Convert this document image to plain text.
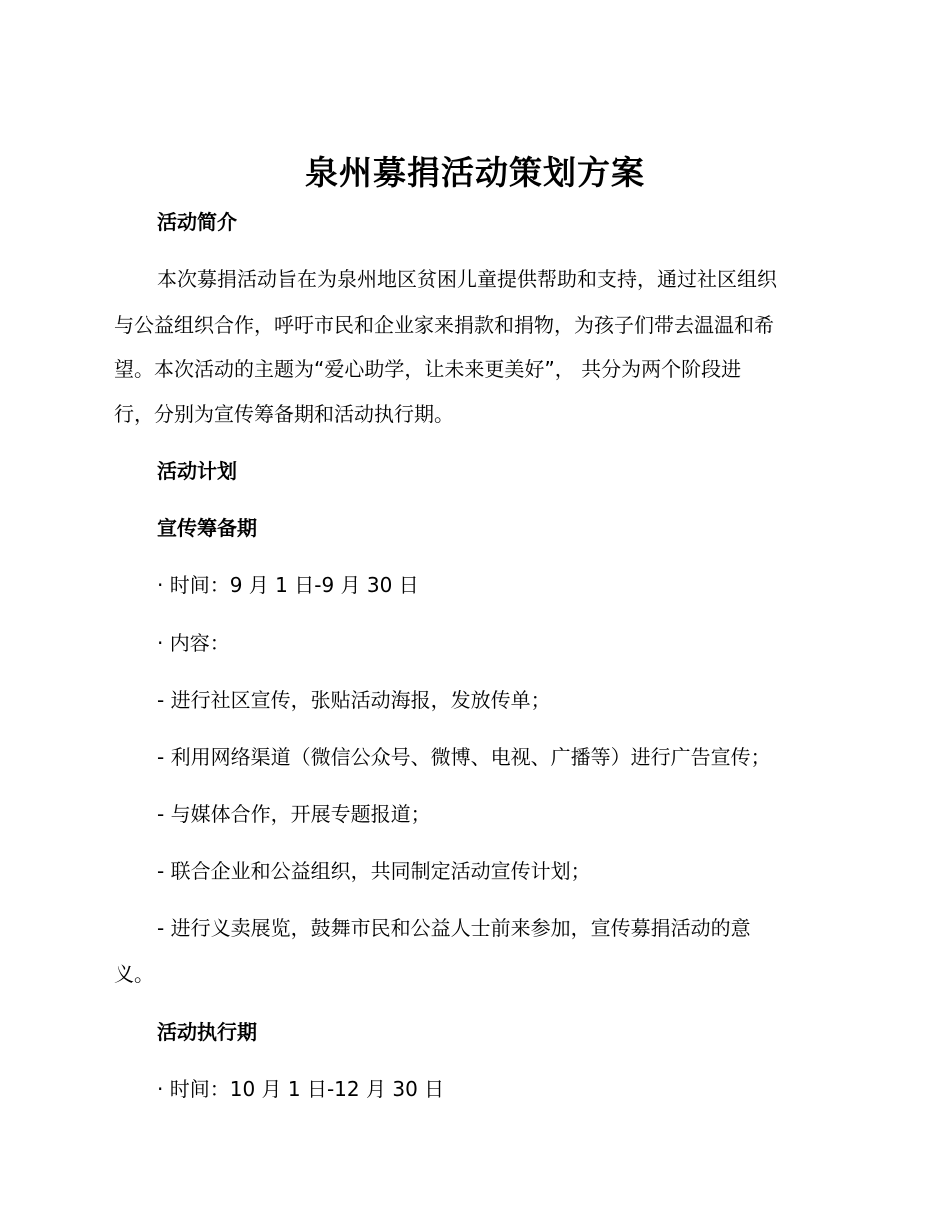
泉州募捐活动策划方案
活动简介
本次募捐活动旨在为泉州地区贫困儿童提供帮助和支持，通过社区组织
与公益组织合作，呼吁市民和企业家来捐款和捐物，为孩子们带去温温和希
望。本次活动的主题为“爱心助学，让未来更美好”， 共分为两个阶段进
行，分别为宣传筹备期和活动执行期。
活动计划
宣传筹备期
· 时间：9 月 1 日-9 月 30 日
· 内容：
- 进行社区宣传，张贴活动海报，发放传单；
- 利用网络渠道（微信公众号、微博、电视、广播等）进行广告宣传；
- 与媒体合作，开展专题报道；
- 联合企业和公益组织，共同制定活动宣传计划；
- 进行义卖展览，鼓舞市民和公益人士前来参加，宣传募捐活动的意
义。
活动执行期
· 时间：10 月 1 日-12 月 30 日
